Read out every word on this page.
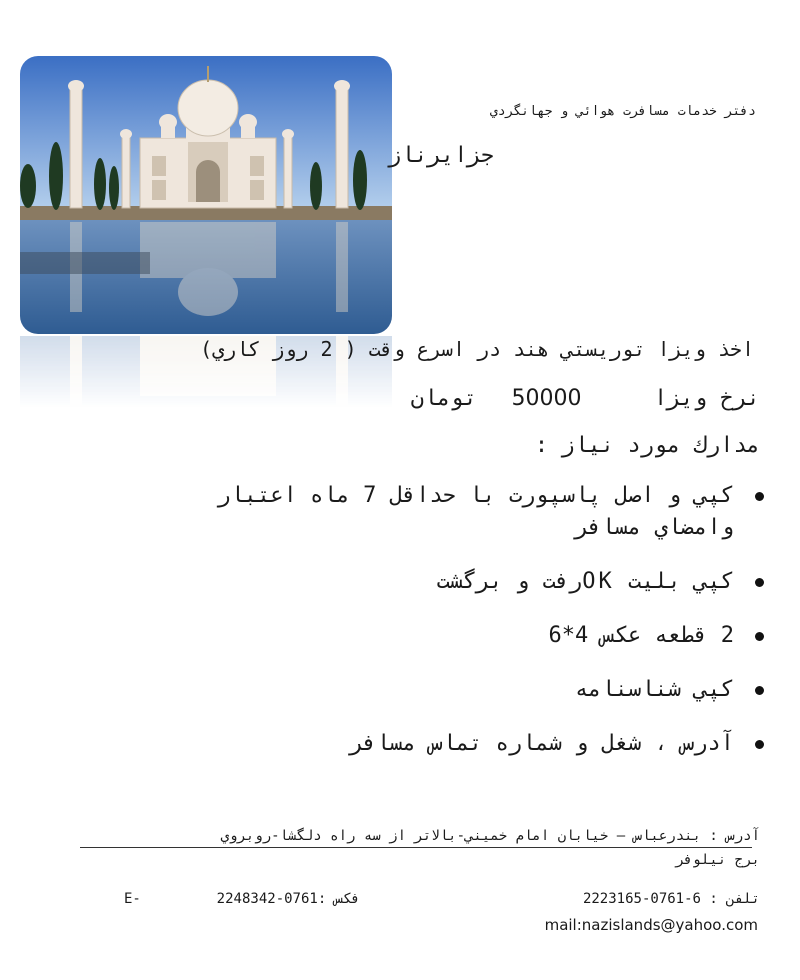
دفتر خدمات مسافرت هوائي و جهانگردي
جزايرناز
اخذ ويزا توريستي هند در اسرع وقت ( 2 روز كاري)
نرخ ويزا  50000  تومان
مدارك مورد نياز :
كپي و اصل پاسپورت با حداقل 7 ماه اعتبار وامضاي مسافر
كپي بليت OKرفت و برگشت
2 قطعه عكس 4*6
كپي شناسنامه
آدرس ، شغل و شماره تماس مسافر
آدرس : بندرعباس – خيابان امام خميني-بالاتر از سه راه دلگشا-روبروي
برج نيلوفر
تلفن : 6-0761-2223165
فكس :0761-2248342
E-
mail:nazislands@yahoo.com
